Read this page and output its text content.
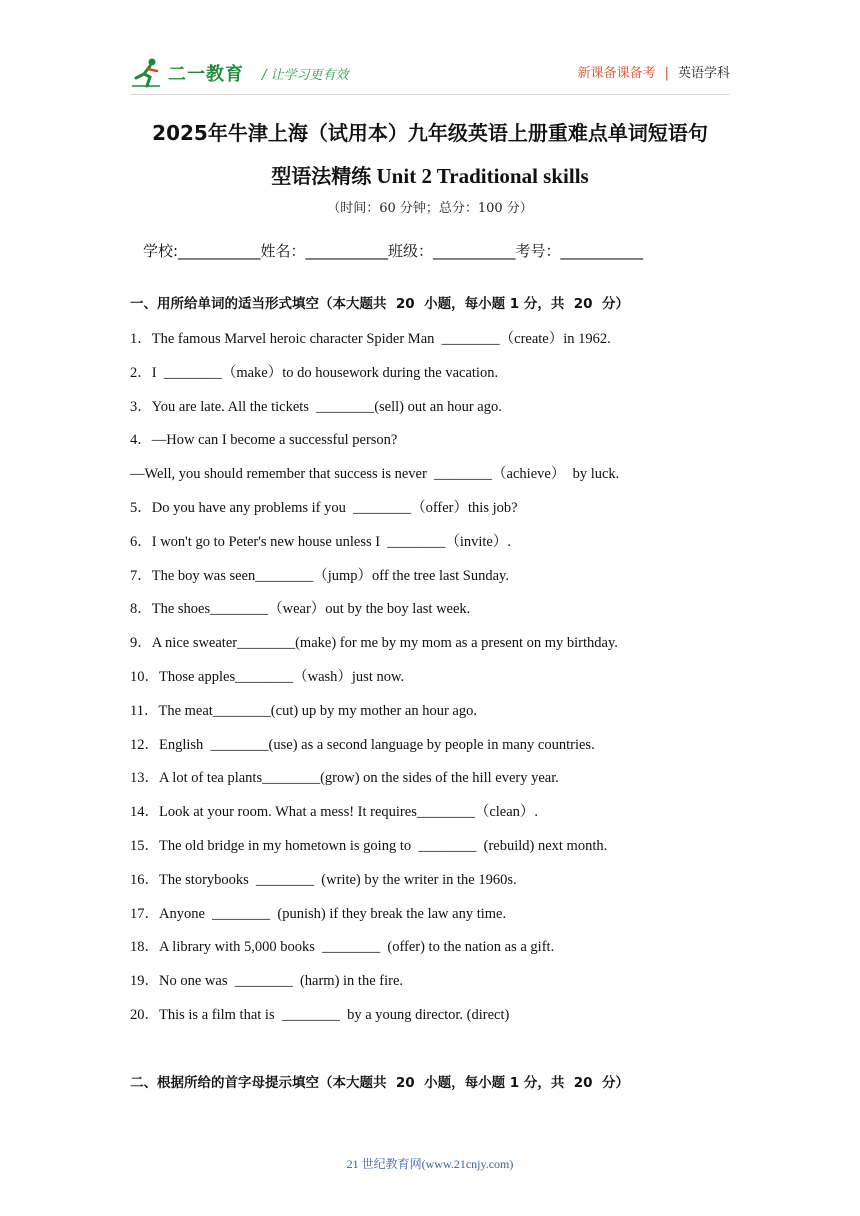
二一教育 / 让学习更有效	新课备课备考 | 英语学科
2025年牛津上海（试用本）九年级英语上册重难点单词短语句
型语法精练 Unit 2 Traditional skills
（时间：60 分钟；总分：100 分）
学校:___________姓名：___________班级：___________考号：___________
一、用所给单词的适当形式填空（本大题共  20  小题，每小题 1 分，共  20  分）
1．The famous Marvel heroic character Spider Man  ________（create）in 1962.
2．I  ________（make）to do housework during the vacation.
3．You are late. All the tickets  ________(sell) out an hour ago.
4．—How can I become a successful person?
—Well, you should remember that success is never  ________（achieve）  by luck.
5．Do you have any problems if you  ________（offer）this job?
6．I won't go to Peter's new house unless I  ________（invite）.
7．The boy was seen________（jump）off the tree last Sunday.
8．The shoes________（wear）out by the boy last week.
9．A nice sweater________(make) for me by my mom as a present on my birthday.
10．Those apples________（wash）just now.
11．The meat________(cut) up by my mother an hour ago.
12．English  ________(use) as a second language by people in many countries.
13．A lot of tea plants________(grow) on the sides of the hill every year.
14．Look at your room. What a mess! It requires________（clean）.
15．The old bridge in my hometown is going to  ________  (rebuild) next month.
16．The storybooks  ________  (write) by the writer in the 1960s.
17．Anyone  ________  (punish) if they break the law any time.
18．A library with 5,000 books  ________  (offer) to the nation as a gift.
19．No one was  ________  (harm) in the fire.
20．This is a film that is  ________  by a young director. (direct)
二、根据所给的首字母提示填空（本大题共  20  小题，每小题 1 分，共  20  分）
21 世纪教育网(www.21cnjy.com)
